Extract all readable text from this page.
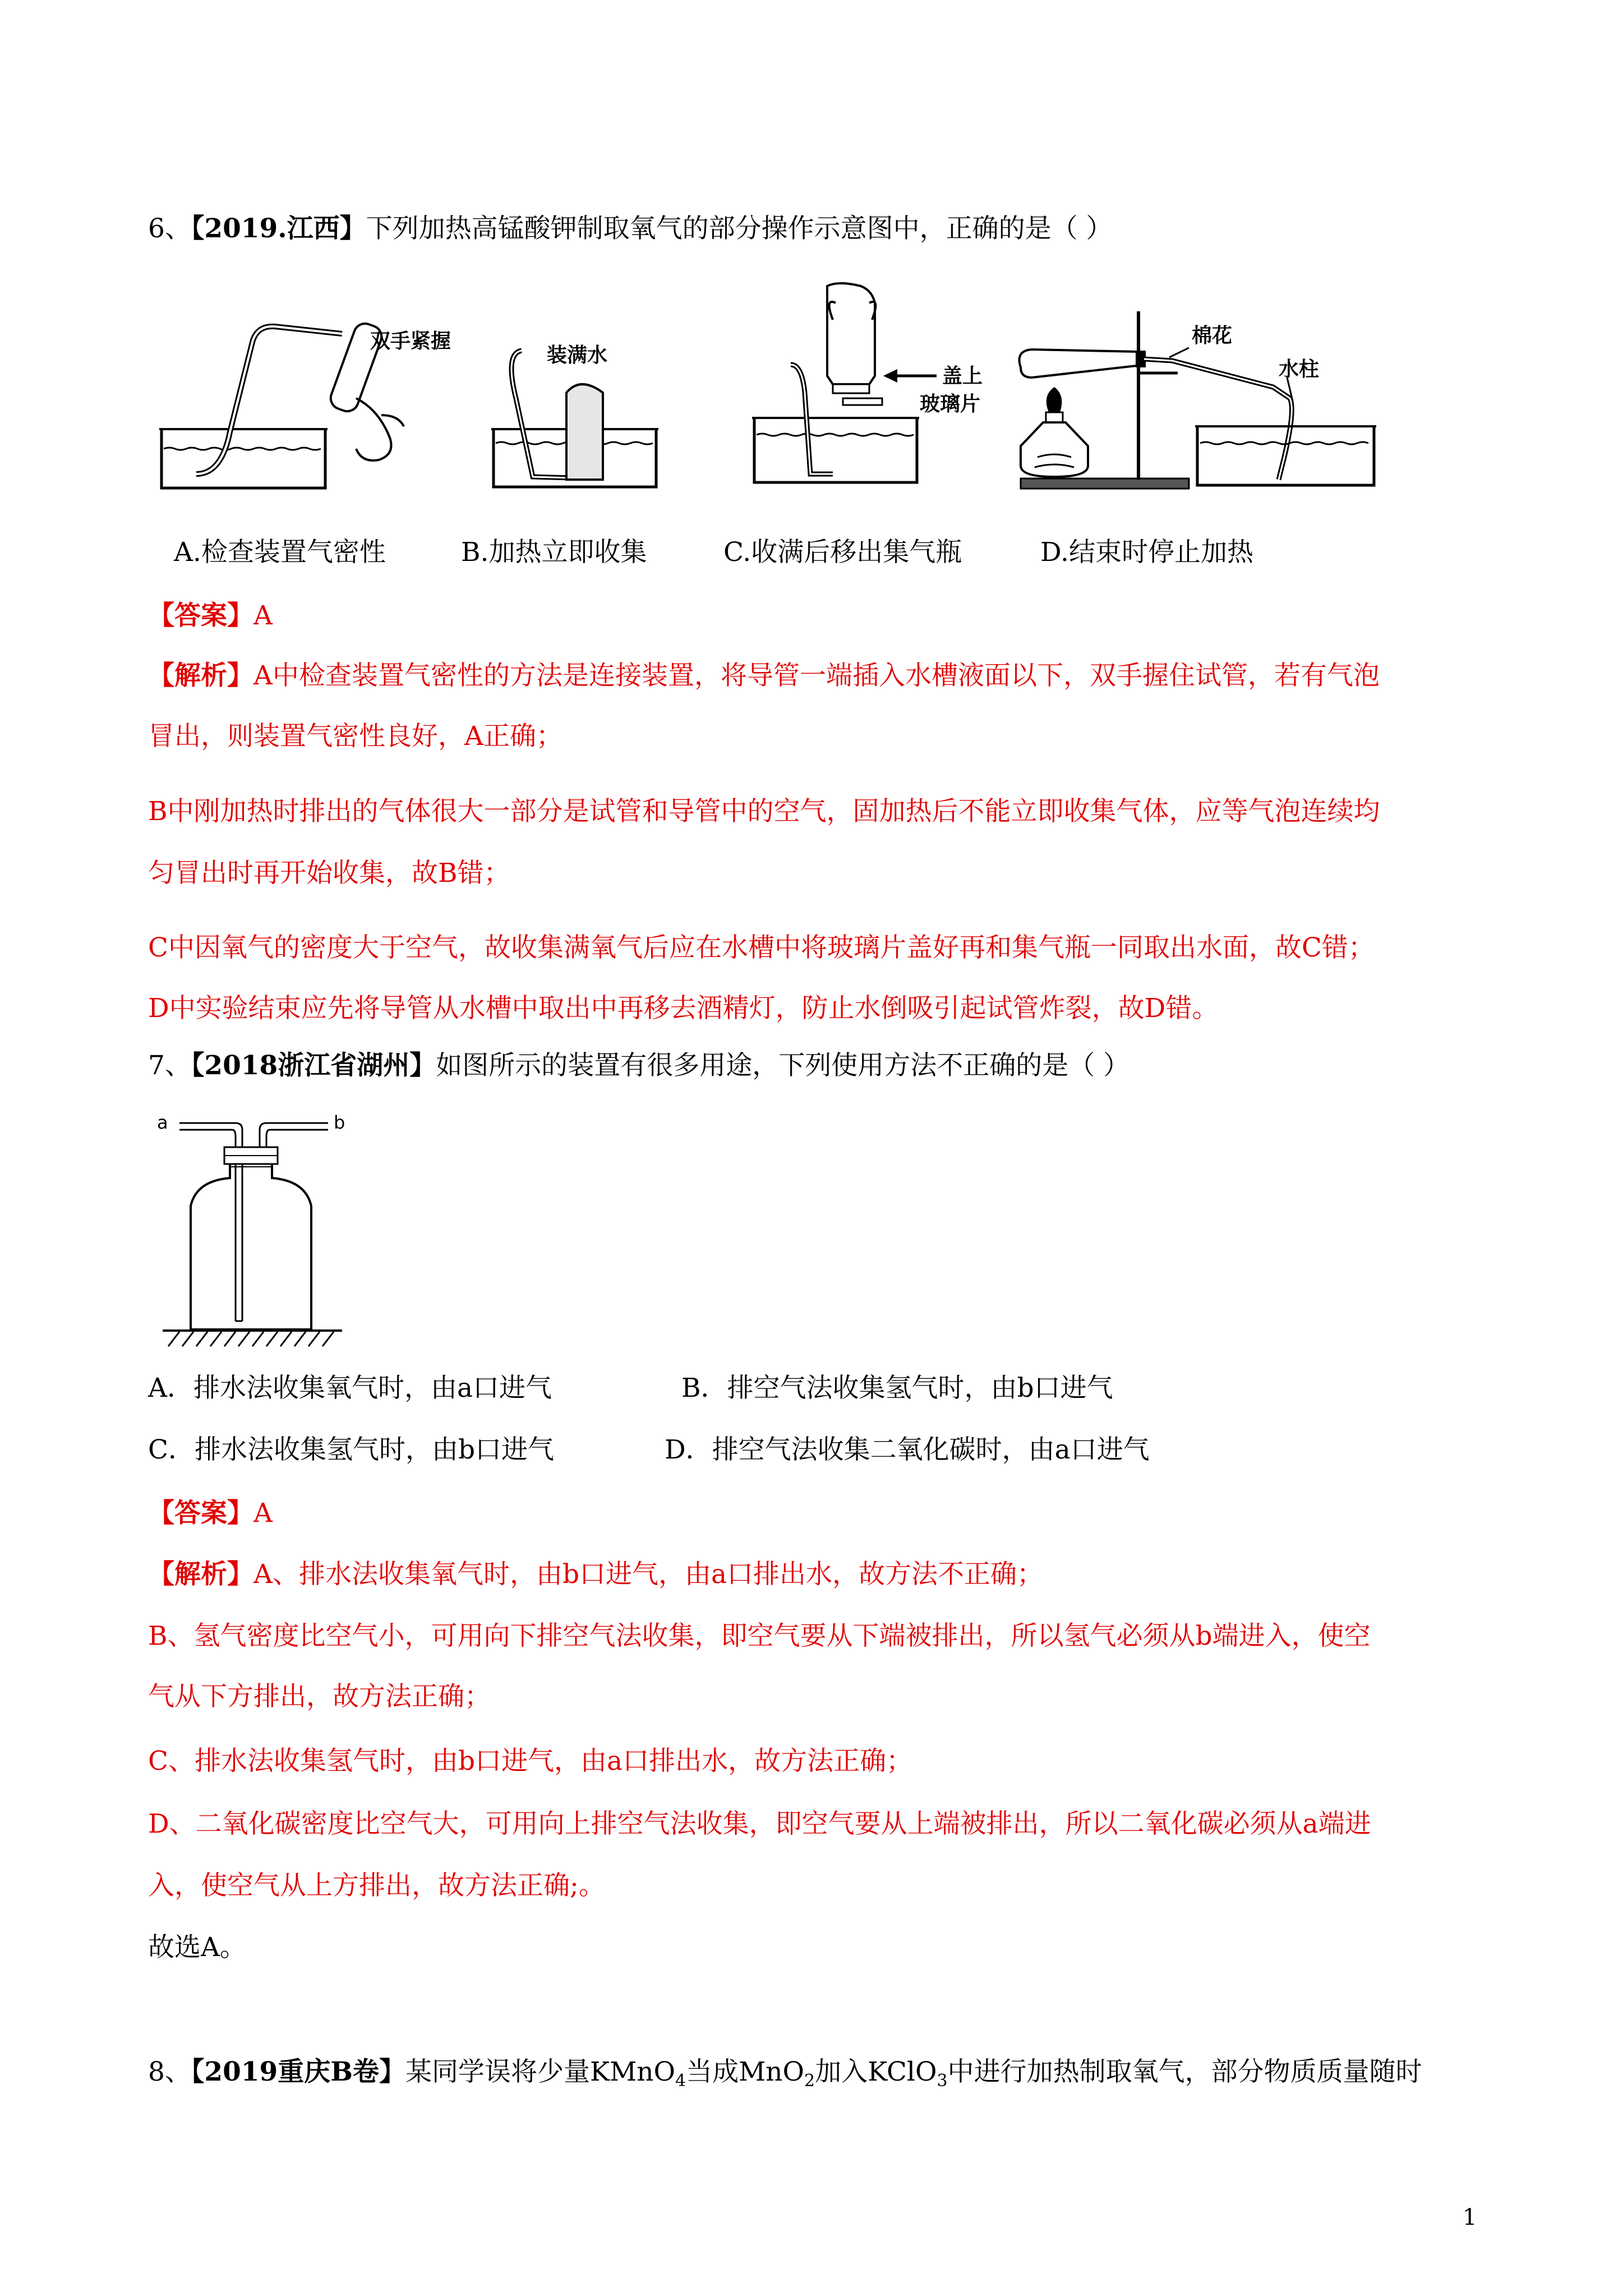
6、【2019.江西】下列加热高锰酸钾制取氧气的部分操作示意图中，正确的是（ ）
双手紧握
装满水
盖上
玻璃片
棉花
水柱
A.检查装置气密性	B.加热立即收集	C.收满后移出集气瓶	D.结束时停止加热
【答案】A
【解析】A中检查装置气密性的方法是连接装置，将导管一端插入水槽液面以下，双手握住试管，若有气泡
冒出，则装置气密性良好，A正确；
B中刚加热时排出的气体很大一部分是试管和导管中的空气，固加热后不能立即收集气体，应等气泡连续均
匀冒出时再开始收集，故B错；
C中因氧气的密度大于空气，故收集满氧气后应在水槽中将玻璃片盖好再和集气瓶一同取出水面，故C错；
D中实验结束应先将导管从水槽中取出中再移去酒精灯，防止水倒吸引起试管炸裂，故D错。
7、【2018浙江省湖州】如图所示的装置有很多用途，下列使用方法不正确的是（ ）
a	b
A．排水法收集氧气时，由a口进气	B．排空气法收集氢气时，由b口进气
C．排水法收集氢气时，由b口进气	D．排空气法收集二氧化碳时，由a口进气
【答案】A
【解析】A、排水法收集氧气时，由b口进气，由a口排出水，故方法不正确；
B、氢气密度比空气小，可用向下排空气法收集，即空气要从下端被排出，所以氢气必须从b端进入，使空
气从下方排出，故方法正确；
C、排水法收集氢气时，由b口进气，由a口排出水，故方法正确；
D、二氧化碳密度比空气大，可用向上排空气法收集，即空气要从上端被排出，所以二氧化碳必须从a端进
入，使空气从上方排出，故方法正确;。
故选A。
8、【2019重庆B卷】某同学误将少量KMnO$_4$当成MnO$_2$加入KClO$_3$中进行加热制取氧气，部分物质质量随时
1
